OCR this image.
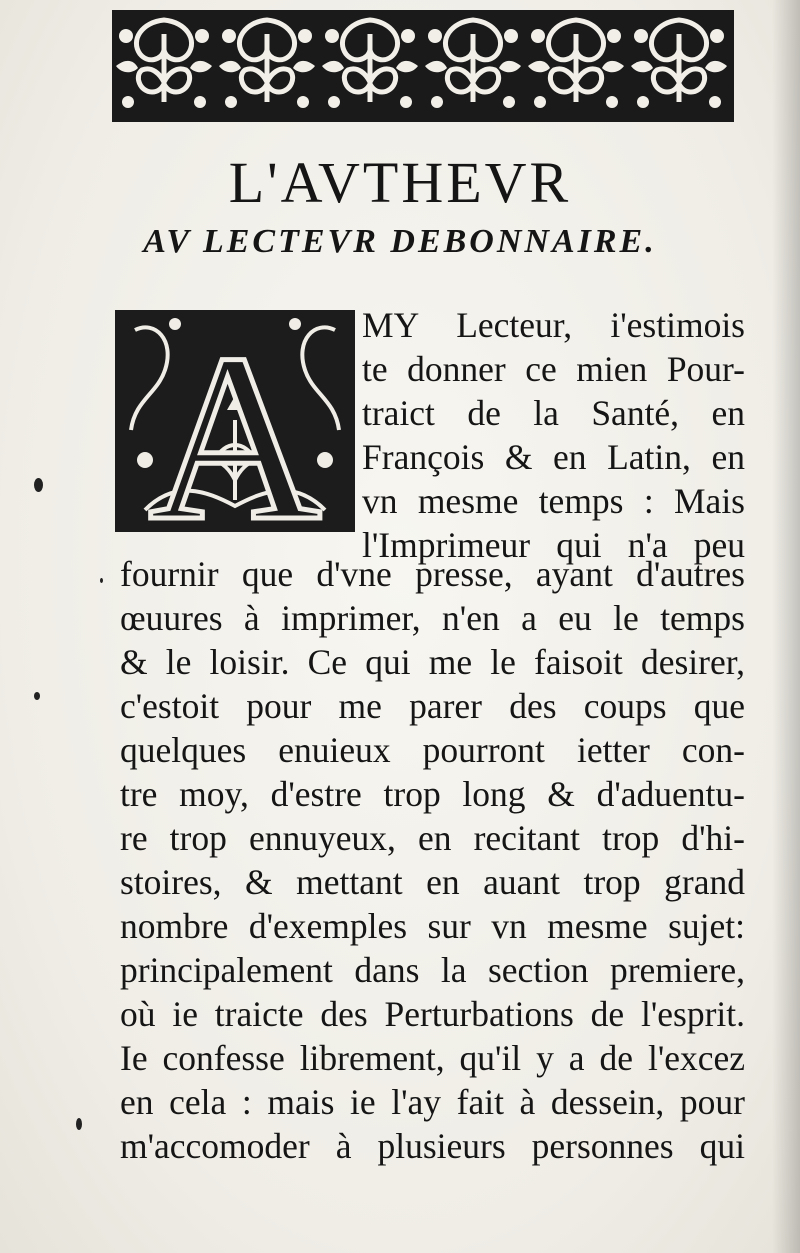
L'AVTHEVR
AV LECTEVR DEBONNAIRE.
A MY Lecteur, i'estimois
te donner ce mien Pour-
traict de la Santé, en
François & en Latin, en
vn mesme temps : Mais
l'Imprimeur qui n'a peu
fournir que d'vne presse, ayant d'autres
œuures à imprimer, n'en a eu le temps
& le loisir. Ce qui me le faisoit desirer,
c'estoit pour me parer des coups que
quelques enuieux pourront ietter con-
tre moy, d'estre trop long & d'aduentu-
re trop ennuyeux, en recitant trop d'hi-
stoires, & mettant en auant trop grand
nombre d'exemples sur vn mesme sujet:
principalement dans la section premiere,
où ie traicte des Perturbations de l'esprit.
Ie confesse librement, qu'il y a de l'excez
en cela : mais ie l'ay fait à dessein, pour
m'accomoder à plusieurs personnes qui
